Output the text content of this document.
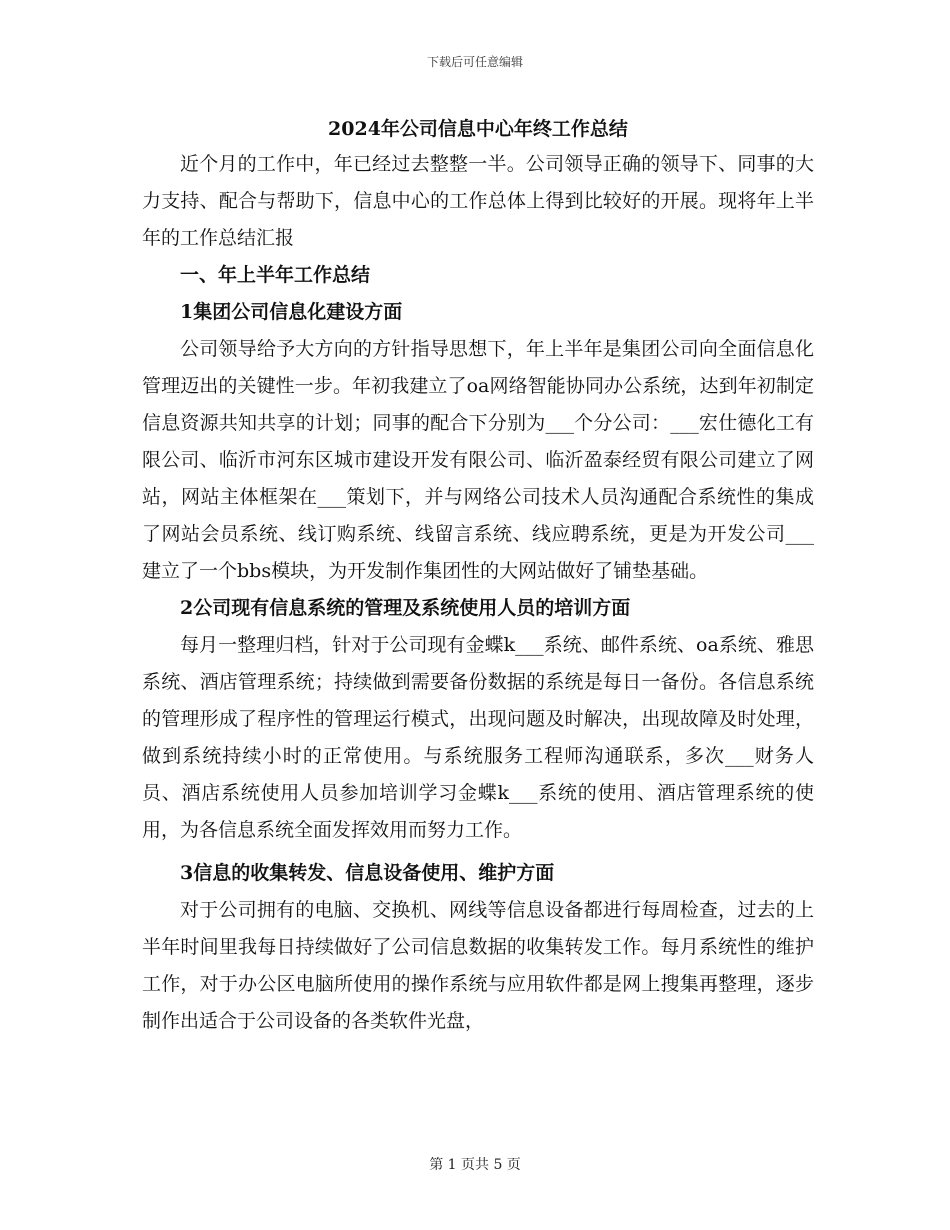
下载后可任意编辑
2024年公司信息中心年终工作总结

近个月的工作中，年已经过去整整一半。公司领导正确的领导下、同事的大力支持、配合与帮助下，信息中心的工作总体上得到比较好的开展。现将年上半年的工作总结汇报

一、年上半年工作总结

1集团公司信息化建设方面

公司领导给予大方向的方针指导思想下，年上半年是集团公司向全面信息化管理迈出的关键性一步。年初我建立了oa网络智能协同办公系统，达到年初制定信息资源共知共享的计划；同事的配合下分别为___个分公司：___宏仕德化工有限公司、临沂市河东区城市建设开发有限公司、临沂盈泰经贸有限公司建立了网站，网站主体框架在___策划下，并与网络公司技术人员沟通配合系统性的集成了网站会员系统、线订购系统、线留言系统、线应聘系统，更是为开发公司___建立了一个bbs模块，为开发制作集团性的大网站做好了铺垫基础。

2公司现有信息系统的管理及系统使用人员的培训方面

每月一整理归档，针对于公司现有金蝶k___系统、邮件系统、oa系统、雅思系统、酒店管理系统；持续做到需要备份数据的系统是每日一备份。各信息系统的管理形成了程序性的管理运行模式，出现问题及时解决，出现故障及时处理，做到系统持续小时的正常使用。与系统服务工程师沟通联系，多次___财务人员、酒店系统使用人员参加培训学习金蝶k___系统的使用、酒店管理系统的使用，为各信息系统全面发挥效用而努力工作。

3信息的收集转发、信息设备使用、维护方面

对于公司拥有的电脑、交换机、网线等信息设备都进行每周检查，过去的上半年时间里我每日持续做好了公司信息数据的收集转发工作。每月系统性的维护工作，对于办公区电脑所使用的操作系统与应用软件都是网上搜集再整理，逐步制作出适合于公司设备的各类软件光盘，

第 1 页共 5 页
